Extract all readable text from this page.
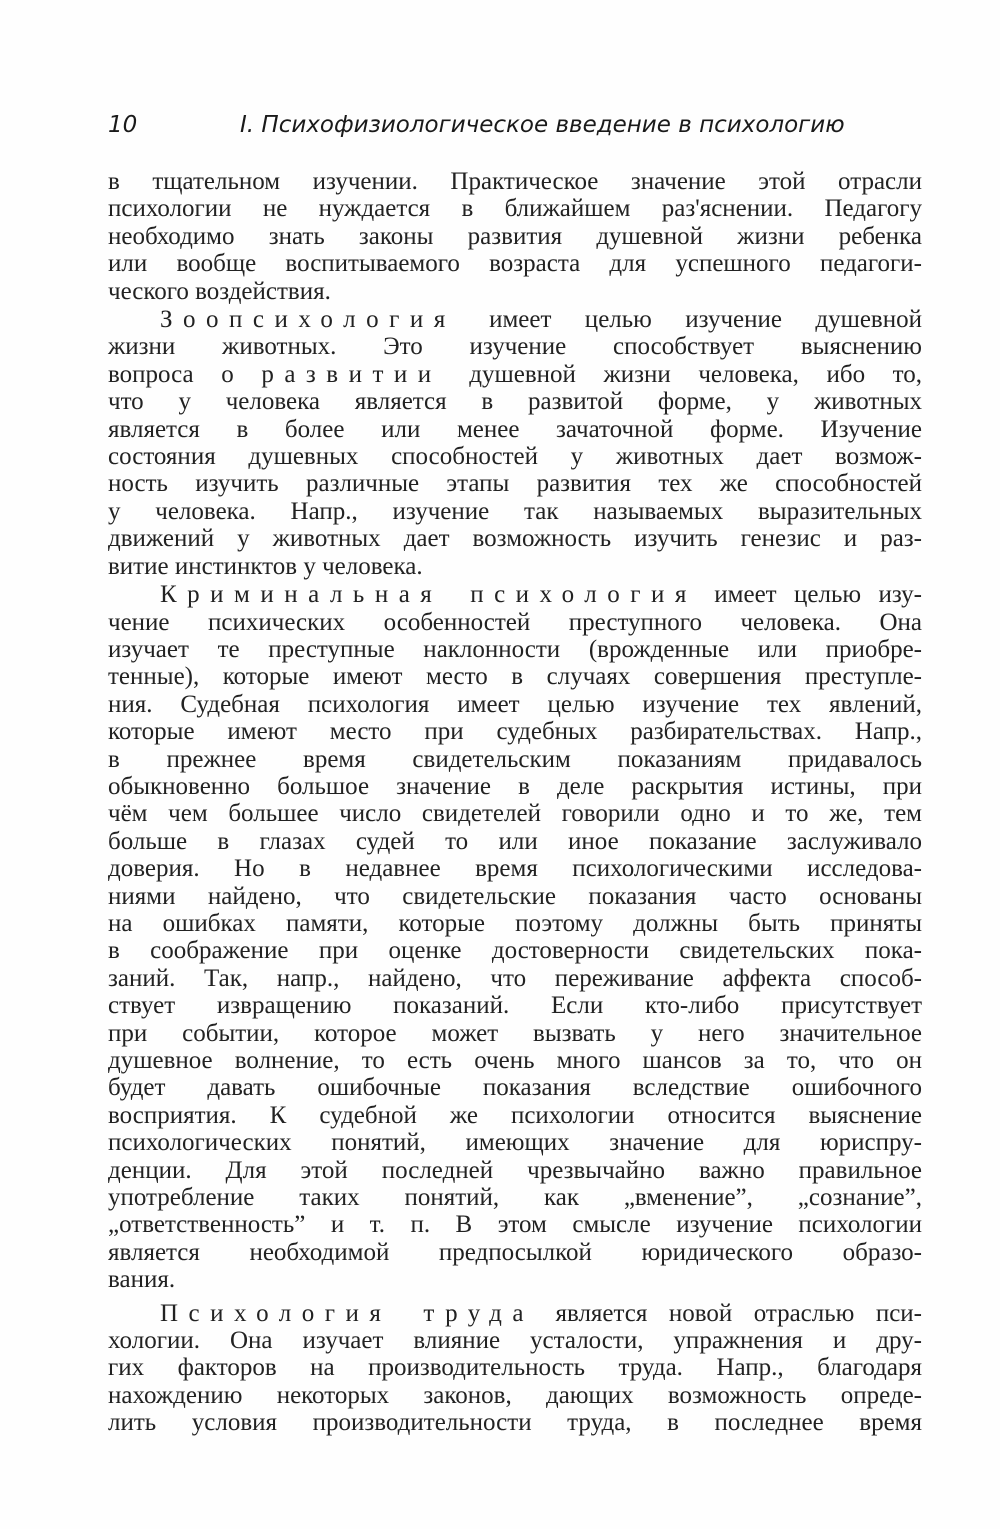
10	I. Психофизиологическое введение в психологию

в тщательном изучении. Практическое значение этой отрасли
психологии не нуждается в ближайшем раз'яснении. Педагогу
необходимо знать законы развития душевной жизни ребенка
или вообще воспитываемого возраста для успешного педагоги-
ческого воздействия.

Зоопсихология имеет целью изучение душевной
жизни животных. Это изучение способствует выяснению
вопроса о развитии душевной жизни человека, ибо то,
что у человека является в развитой форме, у животных
является в более или менее зачаточной форме. Изучение
состояния душевных способностей у животных дает возмож-
ность изучить различные этапы развития тех же способностей
у человека. Напр., изучение так называемых выразительных
движений у животных дает возможность изучить генезис и раз-
витие инстинктов у человека.

Криминальная психология имеет целью изу-
чение психических особенностей преступного человека. Она
изучает те преступные наклонности (врожденные или приобре-
тенные), которые имеют место в случаях совершения преступле-
ния. Судебная психология имеет целью изучение тех явлений,
которые имеют место при судебных разбирательствах. Напр.,
в прежнее время свидетельским показаниям придавалось
обыкновенно большое значение в деле раскрытия истины, при
чём чем большее число свидетелей говорили одно и то же, тем
больше в глазах судей то или иное показание заслуживало
доверия. Но в недавнее время психологическими исследова-
ниями найдено, что свидетельские показания часто основаны
на ошибках памяти, которые поэтому должны быть приняты
в соображение при оценке достоверности свидетельских пока-
заний. Так, напр., найдено, что переживание аффекта способ-
ствует извращению показаний. Если кто-либо присутствует
при событии, которое может вызвать у него значительное
душевное волнение, то есть очень много шансов за то, что он
будет давать ошибочные показания вследствие ошибочного
восприятия. К судебной же психологии относится выяснение
психологических понятий, имеющих значение для юриспру-
денции. Для этой последней чрезвычайно важно правильное
употребление таких понятий, как „вменение”, „сознание”,
„ответственность” и т. п. В этом смысле изучение психологии
является необходимой предпосылкой юридического образо-
вания.

Психология труда является новой отраслью пси-
хологии. Она изучает влияние усталости, упражнения и дру-
гих факторов на производительность труда. Напр., благодаря
нахождению некоторых законов, дающих возможность опреде-
лить условия производительности труда, в последнее время
